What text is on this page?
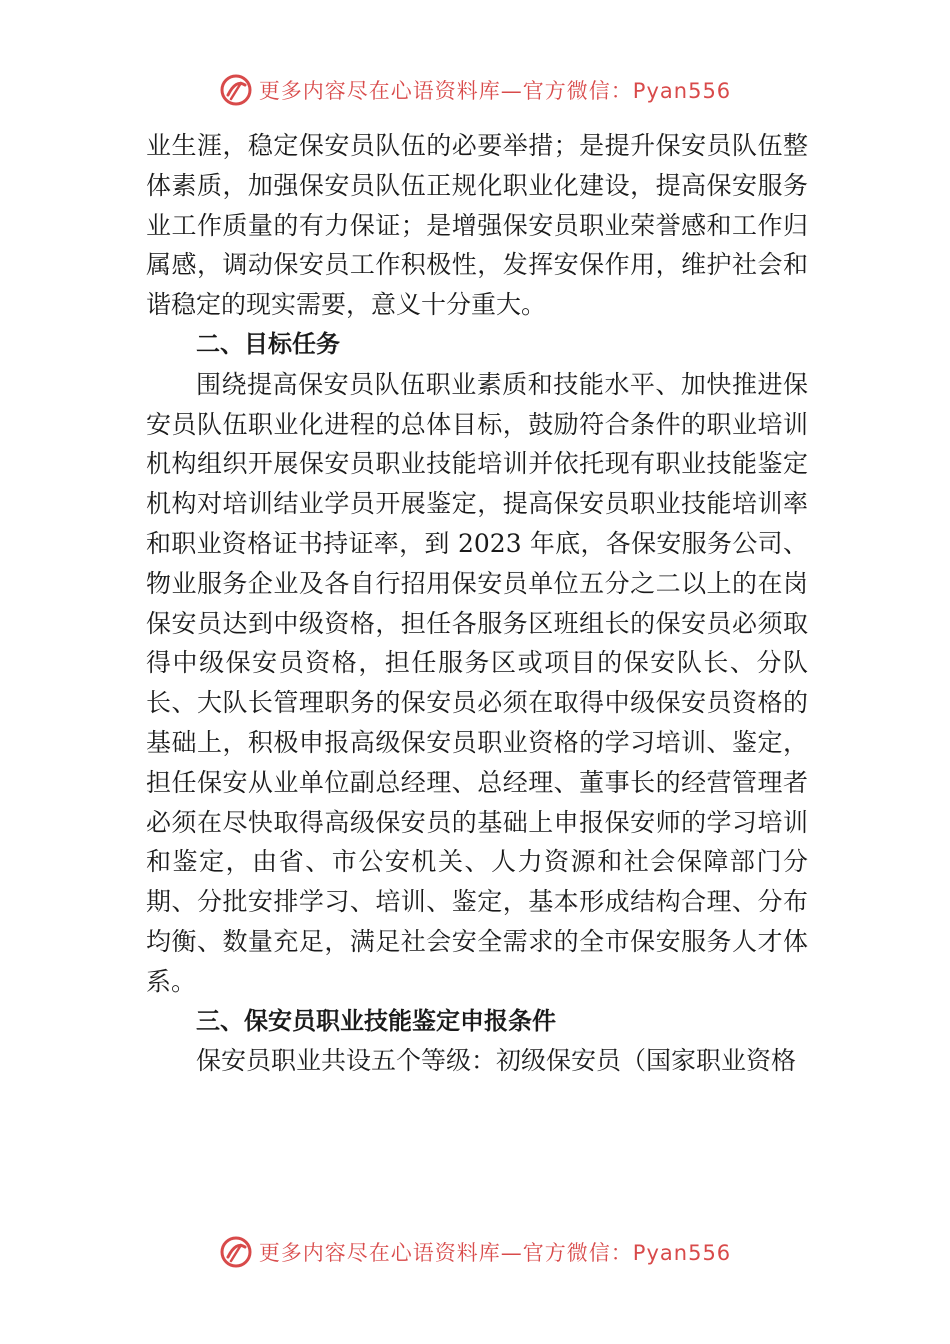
更多内容尽在心语资料库—官方微信：Pyan556

业生涯，稳定保安员队伍的必要举措；是提升保安员队伍整体素质，加强保安员队伍正规化职业化建设，提高保安服务业工作质量的有力保证；是增强保安员职业荣誉感和工作归属感，调动保安员工作积极性，发挥安保作用，维护社会和谐稳定的现实需要，意义十分重大。

二、目标任务

围绕提高保安员队伍职业素质和技能水平、加快推进保安员队伍职业化进程的总体目标，鼓励符合条件的职业培训机构组织开展保安员职业技能培训并依托现有职业技能鉴定机构对培训结业学员开展鉴定，提高保安员职业技能培训率和职业资格证书持证率，到 2023 年底，各保安服务公司、物业服务企业及各自行招用保安员单位五分之二以上的在岗保安员达到中级资格，担任各服务区班组长的保安员必须取得中级保安员资格，担任服务区或项目的保安队长、分队长、大队长管理职务的保安员必须在取得中级保安员资格的基础上，积极申报高级保安员职业资格的学习培训、鉴定， 担任保安从业单位副总经理、总经理、董事长的经营管理者必须在尽快取得高级保安员的基础上申报保安师的学习培训和鉴定，由省、市公安机关、人力资源和社会保障部门分期、分批安排学习、培训、鉴定，基本形成结构合理、分布均衡、数量充足，满足社会安全需求的全市保安服务人才体系。

三、保安员职业技能鉴定申报条件

保安员职业共设五个等级：初级保安员（国家职业资格

更多内容尽在心语资料库—官方微信：Pyan556
